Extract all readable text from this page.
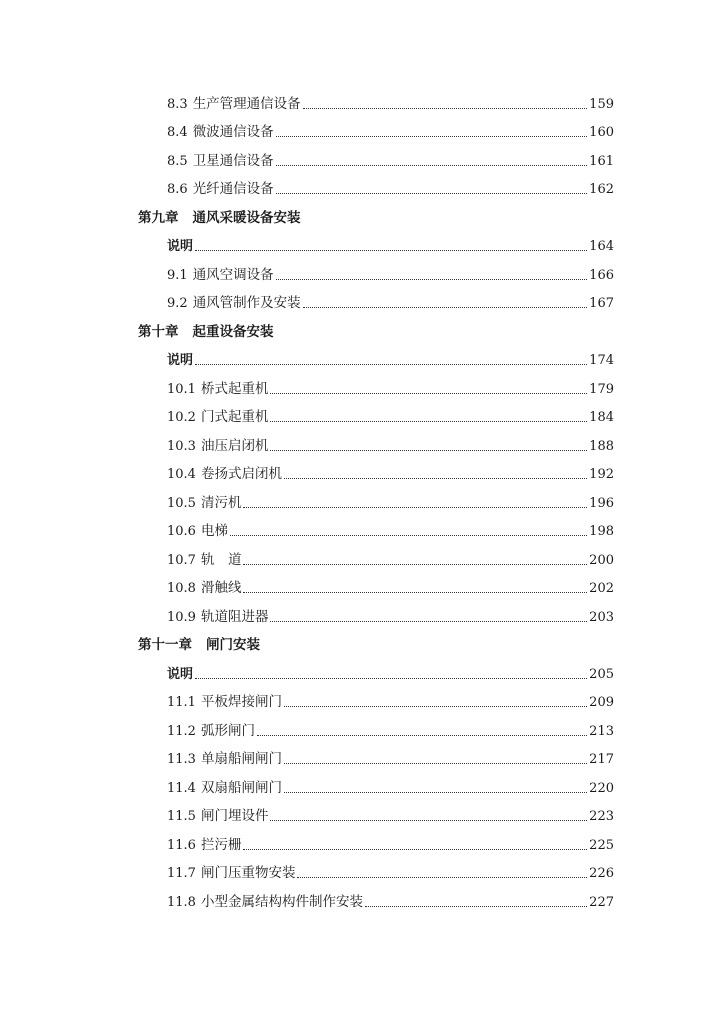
8.3 生产管理通信设备	159
8.4 微波通信设备	160
8.5 卫星通信设备	161
8.6 光纤通信设备	162
第九章 通风采暖设备安装
说明	164
9.1 通风空调设备	166
9.2 通风管制作及安装	167
第十章 起重设备安装
说明	174
10.1 桥式起重机	179
10.2 门式起重机	184
10.3 油压启闭机	188
10.4 卷扬式启闭机	192
10.5 清污机	196
10.6 电梯	198
10.7 轨　道	200
10.8 滑触线	202
10.9 轨道阻进器	203
第十一章 闸门安装
说明	205
11.1 平板焊接闸门	209
11.2 弧形闸门	213
11.3 单扇船闸闸门	217
11.4 双扇船闸闸门	220
11.5 闸门埋设件	223
11.6 拦污栅	225
11.7 闸门压重物安装	226
11.8 小型金属结构构件制作安装	227
